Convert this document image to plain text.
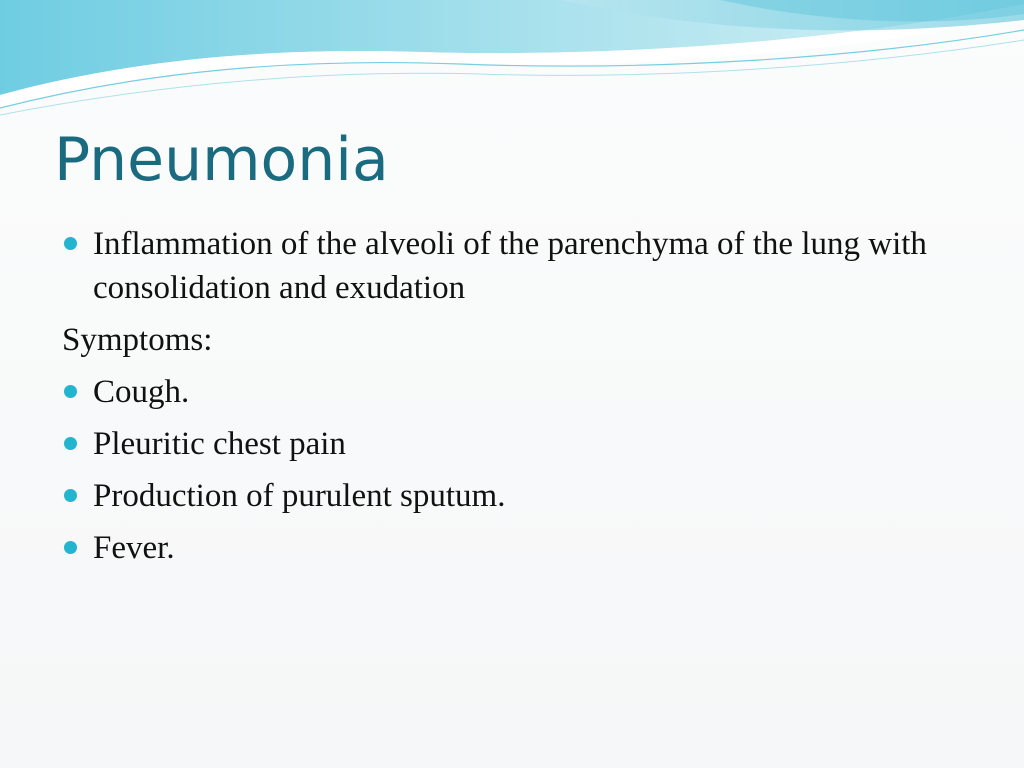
Pneumonia
Inflammation of the alveoli of the parenchyma of the lung with consolidation and exudation
Symptoms:
Cough.
Pleuritic chest pain
Production of purulent sputum.
Fever.
